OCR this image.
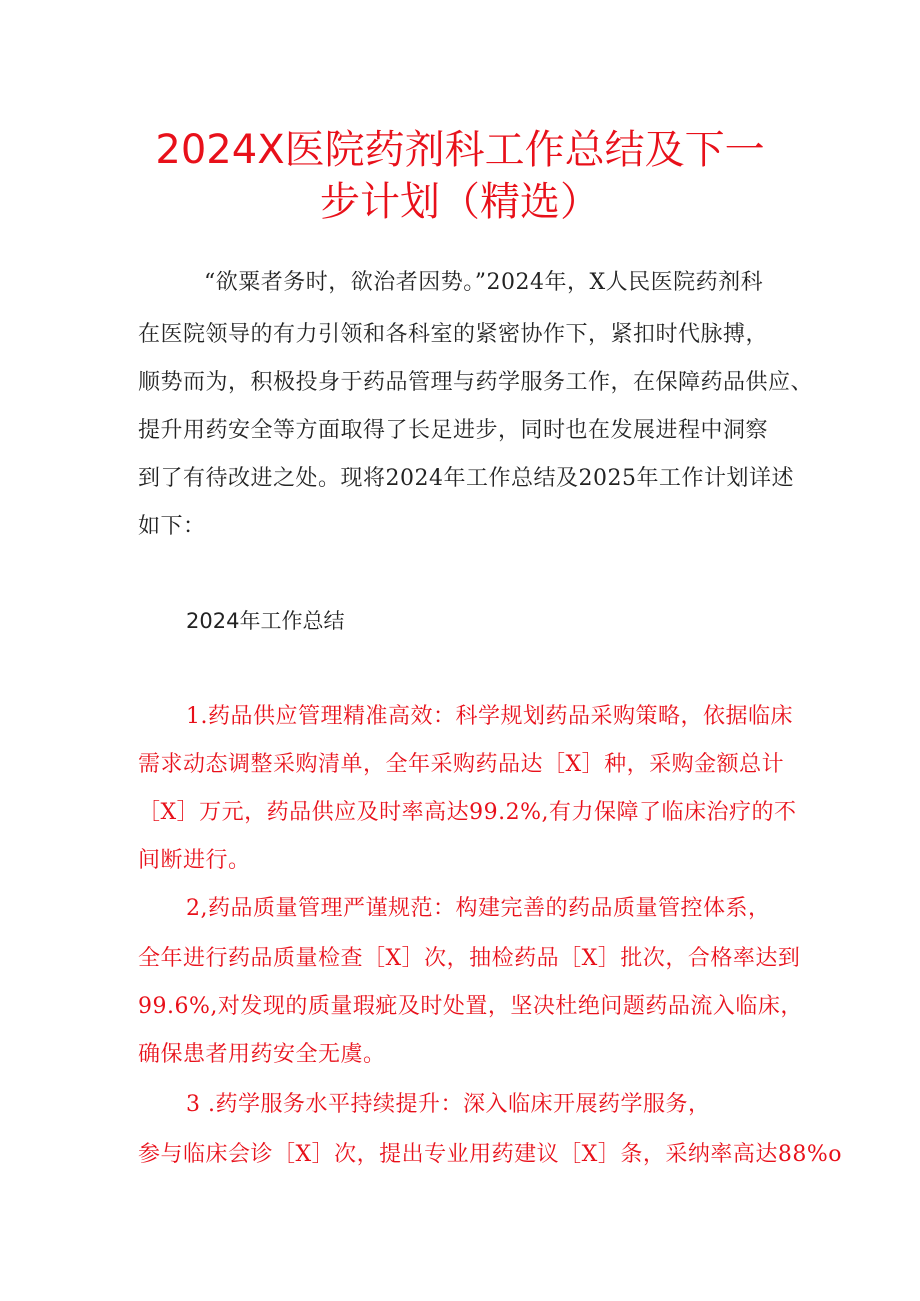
2024X医院药剂科工作总结及下一
步计划（精选）
“欲粟者务时，欲治者因势。”2024年，X人民医院药剂科
在医院领导的有力引领和各科室的紧密协作下，紧扣时代脉搏，
顺势而为，积极投身于药品管理与药学服务工作，在保障药品供应、
提升用药安全等方面取得了长足进步，同时也在发展进程中洞察
到了有待改进之处。现将2024年工作总结及2025年工作计划详述
如下：
2024年工作总结
1.药品供应管理精准高效：科学规划药品采购策略，依据临床
需求动态调整采购清单，全年采购药品达［X］种，采购金额总计
［X］万元，药品供应及时率高达99.2%,有力保障了临床治疗的不
间断进行。
2,药品质量管理严谨规范：构建完善的药品质量管控体系，
全年进行药品质量检查［X］次，抽检药品［X］批次，合格率达到
99.6%,对发现的质量瑕疵及时处置，坚决杜绝问题药品流入临床，
确保患者用药安全无虞。
3 .药学服务水平持续提升：深入临床开展药学服务，
参与临床会诊［X］次，提出专业用药建议［X］条，采纳率高达88%o
